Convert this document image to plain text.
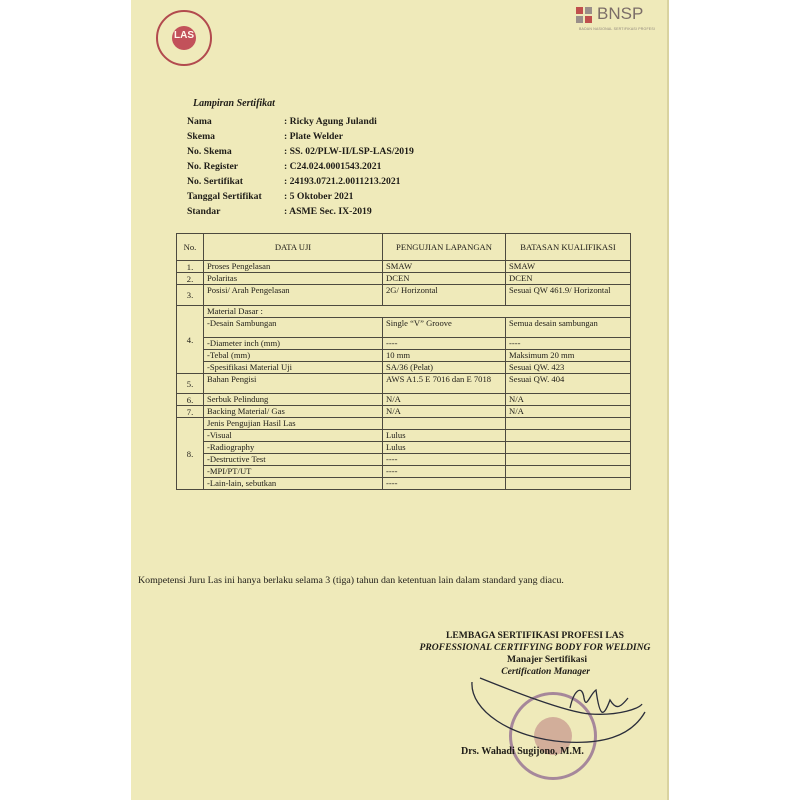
LAS
BNSP
BADAN NASIONAL SERTIFIKASI PROFESI
Lampiran Sertifikat
Nama	: Ricky Agung Julandi
Skema	: Plate Welder
No. Skema	: SS. 02/PLW-II/LSP-LAS/2019
No. Register	: C24.024.0001543.2021
No. Sertifikat	: 24193.0721.2.0011213.2021
Tanggal Sertifikat : 5 Oktober 2021
Standar	: ASME Sec. IX-2019
No.	DATA UJI	PENGUJIAN LAPANGAN	BATASAN KUALIFIKASI
1.	Proses Pengelasan	SMAW	SMAW
2.	Polaritas	DCEN	DCEN
3.	Posisi/ Arah Pengelasan	2G/ Horizontal	Sesuai QW 461.9/ Horizontal
4.	Material Dasar :		
	-Desain Sambungan	Single “V” Groove	Semua desain sambungan
	-Diameter inch (mm)	----	----
	-Tebal (mm)	10 mm	Maksimum 20 mm
	-Spesifikasi Material Uji	SA/36 (Pelat)	Sesuai QW. 423
5.	Bahan Pengisi	AWS A1.5 E 7016 dan E 7018	Sesuai QW. 404
6.	Serbuk Pelindung	N/A	N/A
7.	Backing Material/ Gas	N/A	N/A
8.	Jenis Pengujian Hasil Las		
	-Visual	Lulus	
	-Radiography	Lulus	
	-Destructive Test	----	
	-MPI/PT/UT	----	
	-Lain-lain, sebutkan	----	
Kompetensi Juru Las ini hanya berlaku selama 3 (tiga) tahun dan ketentuan lain dalam standard yang diacu.
LEMBAGA SERTIFIKASI PROFESI LAS
PROFESSIONAL CERTIFYING BODY FOR WELDING
Manajer Sertifikasi
Certification Manager
Drs. Wahadi Sugijono, M.M.
